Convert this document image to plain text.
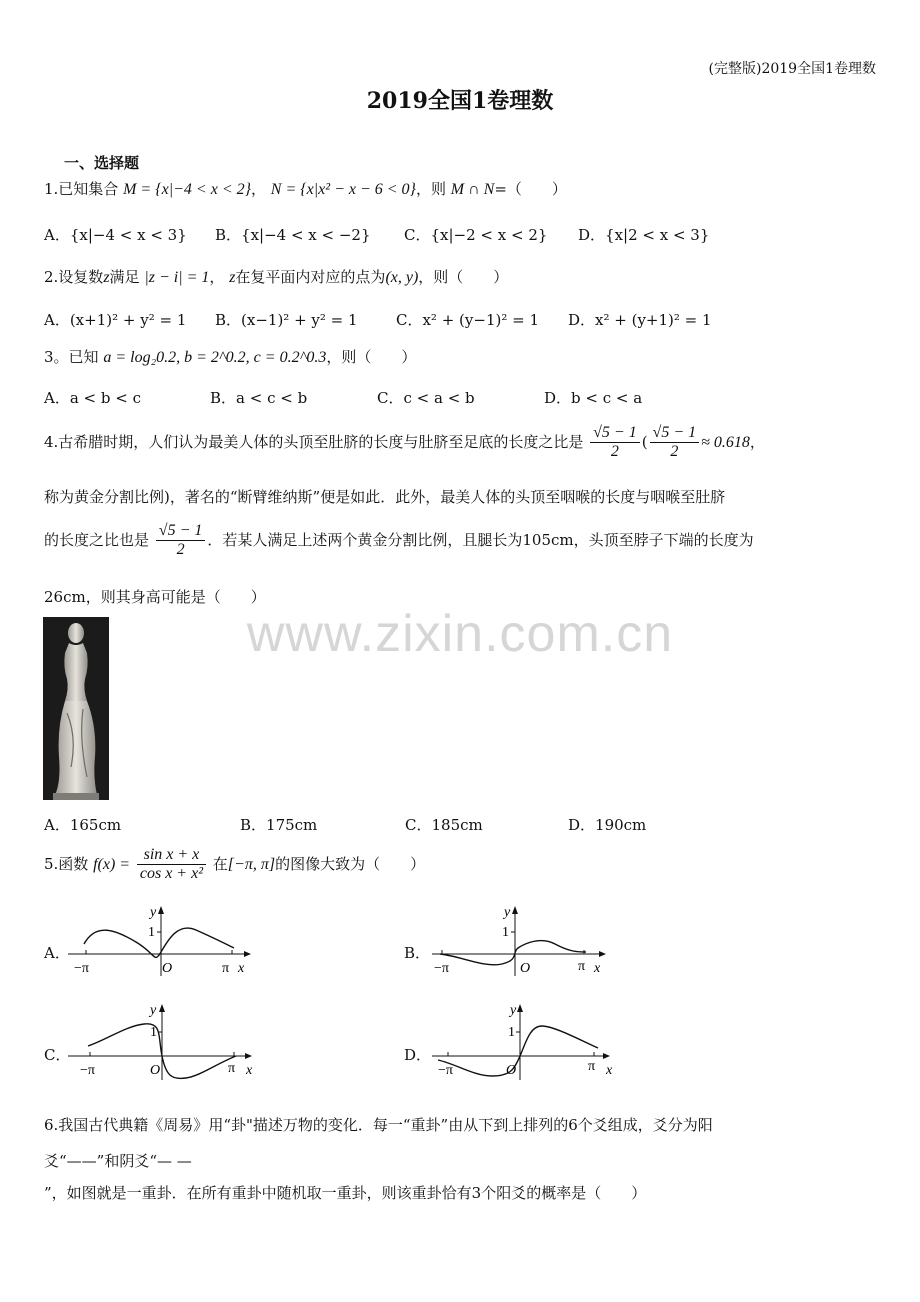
(完整版)2019全国1卷理数
2019全国1卷理数
一、选择题
www.zixin.com.cn
1.已知集合 M = {x|−4 < x < 2}， N = {x|x² − x − 6 < 0}，则 M ∩ N=（　　）
A．{x|−4 < x < 3} B．{x|−4 < x < −2} C．{x|−2 < x < 2} D．{x|2 < x < 3}
2.设复数z满足 |z − i| = 1， z在复平面内对应的点为(x, y)，则（　　）
A．(x+1)² + y² = 1 B．(x−1)² + y² = 1	C．x² + (y−1)² = 1 D．x² + (y+1)² = 1
3。已知 a = log₂0.2, b = 2^0.2, c = 0.2^0.3，则（　　）
A．a < b < c	B．a < c < b	C．c < a < b	D．b < c < a
4.古希腊时期，人们认为最美人体的头顶至肚脐的长度与肚脐至足底的长度之比是 $\frac{√5 - 1}{2}$ ( $\frac{√5 - 1}{2} \approx 0.618$，
称为黄金分割比例)，著名的“断臂维纳斯”便是如此．此外，最美人体的头顶至咽喉的长度与咽喉至肚脐
的长度之比也是 $\frac{√5 - 1}{2}$ ．若某人满足上述两个黄金分割比例，且腿长为105cm，头顶至脖子下端的长度为
26cm，则其身高可能是（　　）
A．165cm	B．175cm	C．185cm	D．190cm
5.函数 $f(x) = \frac{\text{sin x + x}}{\text{cos x + x²}}$ 在[−π, π]的图像大致为（　　）
A．
y
1
O
−π	π x
B．
y
1
O
−π	π x
C．
y
1
O
−π	π x
D．
y
1
O
−π	π x
6.我国古代典籍《周易》用“卦"描述万物的变化．每一“重卦”由从下到上排列的6个爻组成，爻分为阳
爻“——”和阴爻“— —
”，如图就是一重卦．在所有重卦中随机取一重卦，则该重卦恰有3个阳爻的概率是（　　）
